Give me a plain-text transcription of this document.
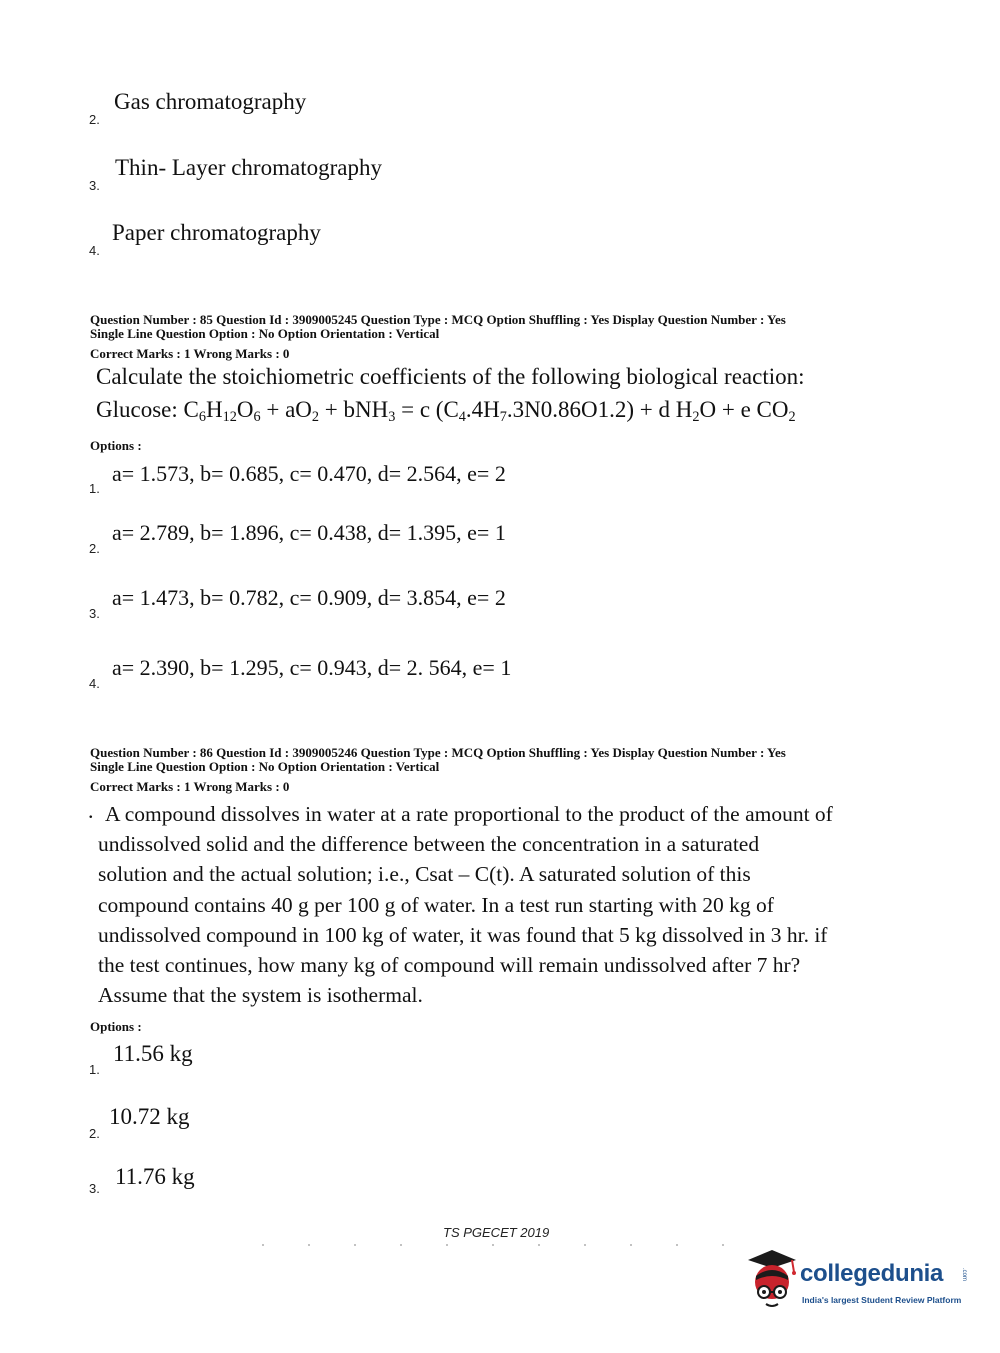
2.
Gas chromatography
3.
Thin- Layer chromatography
4.
Paper chromatography
Question Number : 85 Question Id : 3909005245 Question Type : MCQ Option Shuffling : Yes Display Question Number : Yes
Single Line Question Option : No Option Orientation : Vertical
Correct Marks : 1 Wrong Marks : 0
Calculate the stoichiometric coefficients of the following biological reaction:
Glucose: $C_6H_{12}O_6 + aO_2 + bNH_3 = c$ $(C_4.4H_7.3N0.86O1.2) + d$ $H_2O + e$ $CO_2$
Options :
1.
a= 1.573, b= 0.685, c= 0.470, d= 2.564, e= 2
2.
a= 2.789, b= 1.896, c= 0.438, d= 1.395, e= 1
3.
a= 1.473, b= 0.782, c= 0.909, d= 3.854, e= 2
4.
a= 2.390, b= 1.295, c= 0.943, d= 2. 564, e= 1
Question Number : 86 Question Id : 3909005246 Question Type : MCQ Option Shuffling : Yes Display Question Number : Yes
Single Line Question Option : No Option Orientation : Vertical
Correct Marks : 1 Wrong Marks : 0
. A compound dissolves in water at a rate proportional to the product of the amount of
undissolved solid and the difference between the concentration in a saturated
solution and the actual solution; i.e., Csat – C(t). A saturated solution of this
compound contains 40 g per 100 g of water. In a test run starting with 20 kg of
undissolved compound in 100 kg of water, it was found that 5 kg dissolved in 3 hr. if
the test continues, how many kg of compound will remain undissolved after 7 hr?
Assume that the system is isothermal.
Options :
1.
11.56 kg
2.
10.72 kg
3. 11.76 kg
TS PGECET 2019
collegedunia	.com
India's largest Student Review Platform
